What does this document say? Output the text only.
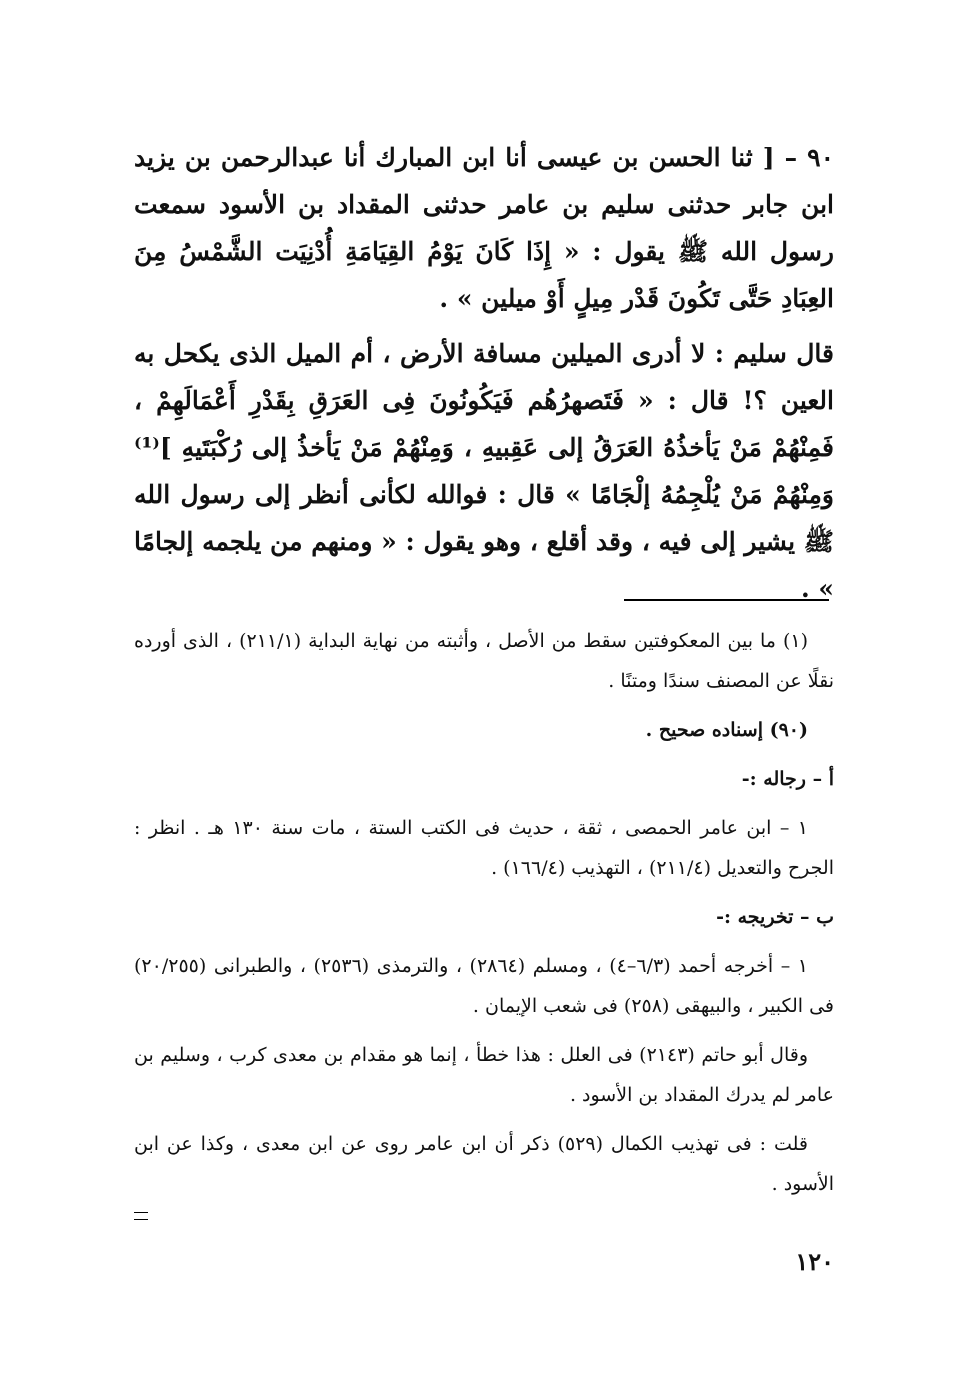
٩٠ – [ ثنا الحسن بن عيسى أنا ابن المبارك أنا عبدالرحمن بن يزيد ابن جابر حدثنى سليم بن عامر حدثنى المقداد بن الأسود سمعت رسول الله ﷺ يقول : « إِذَا كَانَ يَوْمُ القِيَامَةِ أُدْنِيَت الشَّمْسُ مِنَ العِبَادِ حَتَّى تَكُونَ قَدْر مِيلٍ أَوْ ميلين » .

قال سليم : لا أدرى الميلين مسافة الأرض ، أم الميل الذى يكحل به العين ؟! قال : « فَتَصهرُهُم فَيَكُونُونَ فِى العَرَقِ بِقَدْرِ أَعْمَالَهِمْ ، فَمِنْهُمْ مَنْ يَأخذُهُ العَرَقُ إلى عَقِبيهِ ، وَمِنْهُمْ مَنْ يَأخذُ إلى رُكْبَتَيهِ ]⁽¹⁾ وَمِنْهُمْ مَنْ يُلْجِمُهُ إلْجَامًا » قال : فوالله لكأنى أنظر إلى رسول الله ﷺ يشير إلى فيه ، وقد أقلع ، وهو يقول : « ومنهم من يلجمه إلجامًا » .

(١) ما بين المعكوفتين سقط من الأصل ، وأثبته من نهاية البداية (٢١١/١) ، الذى أورده نقلًا عن المصنف سندًا ومتنًا .

(٩٠) إسناده صحيح .

أ – رجاله :-

١ – ابن عامر الحمصى ، ثقة ، حديث فى الكتب الستة ، مات سنة ١٣٠ هـ . انظر : الجرح والتعديل (٢١١/٤) ، التهذيب (١٦٦/٤) .

ب – تخريجه :-

١ – أخرجه أحمد (٦/٣–٤) ، ومسلم (٢٨٦٤) ، والترمذى (٢٥٣٦) ، والطبرانى (٢٠/٢٥٥) فى الكبير ، والبيهقى (٢٥٨) فى شعب الإيمان .

وقال أبو حاتم (٢١٤٣) فى العلل : هذا خطأ ، إنما هو مقدام بن معدى كرب ، وسليم بن عامر لم يدرك المقداد بن الأسود .

قلت : فى تهذيب الكمال (٥٢٩) ذكر أن ابن عامر روى عن ابن معدى ، وكذا عن ابن الأسود .

١٢٠
